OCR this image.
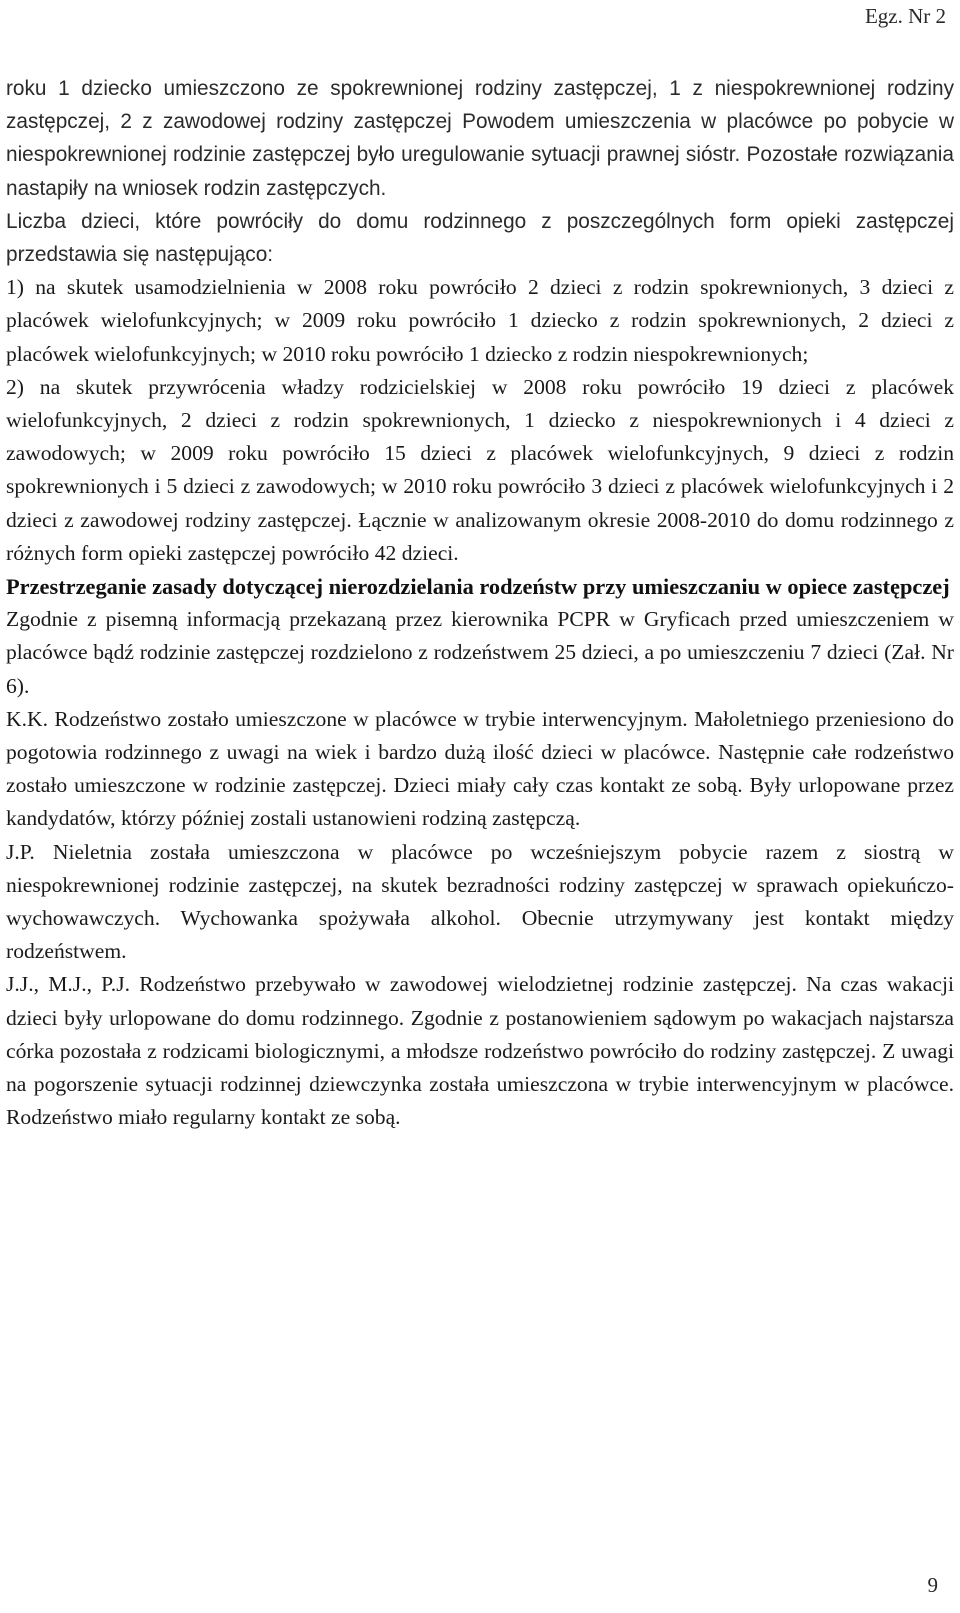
Egz. Nr 2

roku 1 dziecko umieszczono ze spokrewnionej rodziny zastępczej, 1 z niespokrewnionej rodziny zastępczej, 2 z zawodowej rodziny zastępczej Powodem umieszczenia w placówce po pobycie w niespokrewnionej rodzinie zastępczej było uregulowanie sytuacji prawnej sióstr. Pozostałe rozwiązania nastapiły na wniosek rodzin zastępczych.

Liczba dzieci, które powróciły do domu rodzinnego z poszczególnych form opieki zastępczej przedstawia się następująco:

1) na skutek usamodzielnienia w 2008 roku powróciło 2 dzieci z rodzin spokrewnionych, 3 dzieci z placówek wielofunkcyjnych; w 2009 roku powróciło 1 dziecko z rodzin spokrewnionych, 2 dzieci z placówek wielofunkcyjnych; w 2010 roku powróciło 1 dziecko z rodzin niespokrewnionych;

2) na skutek przywrócenia władzy rodzicielskiej w 2008 roku powróciło 19 dzieci z placówek wielofunkcyjnych, 2 dzieci z rodzin spokrewnionych, 1 dziecko z niespokrewnionych i 4 dzieci z zawodowych; w 2009 roku powróciło 15 dzieci z placówek wielofunkcyjnych, 9 dzieci z rodzin spokrewnionych i 5 dzieci z zawodowych; w 2010 roku powróciło 3 dzieci z placówek wielofunkcyjnych i 2 dzieci z zawodowej rodziny zastępczej. Łącznie w analizowanym okresie 2008-2010 do domu rodzinnego z różnych form opieki zastępczej powróciło 42 dzieci.

Przestrzeganie zasady dotyczącej nierozdzielania rodzeństw przy umieszczaniu w opiece zastępczej

Zgodnie z pisemną informacją przekazaną przez kierownika PCPR w Gryficach przed umieszczeniem w placówce bądź rodzinie zastępczej rozdzielono z rodzeństwem 25 dzieci, a po umieszczeniu 7 dzieci (Zał. Nr 6).

K.K. Rodzeństwo zostało umieszczone w placówce w trybie interwencyjnym. Małoletniego przeniesiono do pogotowia rodzinnego z uwagi na wiek i bardzo dużą ilość dzieci w placówce. Następnie całe rodzeństwo zostało umieszczone w rodzinie zastępczej. Dzieci miały cały czas kontakt ze sobą. Były urlopowane przez kandydatów, którzy później zostali ustanowieni rodziną zastępczą.

J.P. Nieletnia została umieszczona w placówce po wcześniejszym pobycie razem z siostrą w niespokrewnionej rodzinie zastępczej, na skutek bezradności rodziny zastępczej w sprawach opiekuńczo-wychowawczych. Wychowanka spożywała alkohol. Obecnie utrzymywany jest kontakt między rodzeństwem.

J.J., M.J., P.J. Rodzeństwo przebywało w zawodowej wielodzietnej rodzinie zastępczej. Na czas wakacji dzieci były urlopowane do domu rodzinnego. Zgodnie z postanowieniem sądowym po wakacjach najstarsza córka pozostała z rodzicami biologicznymi, a młodsze rodzeństwo powróciło do rodziny zastępczej. Z uwagi na pogorszenie sytuacji rodzinnej dziewczynka została umieszczona w trybie interwencyjnym w placówce. Rodzeństwo miało regularny kontakt ze sobą.

9
